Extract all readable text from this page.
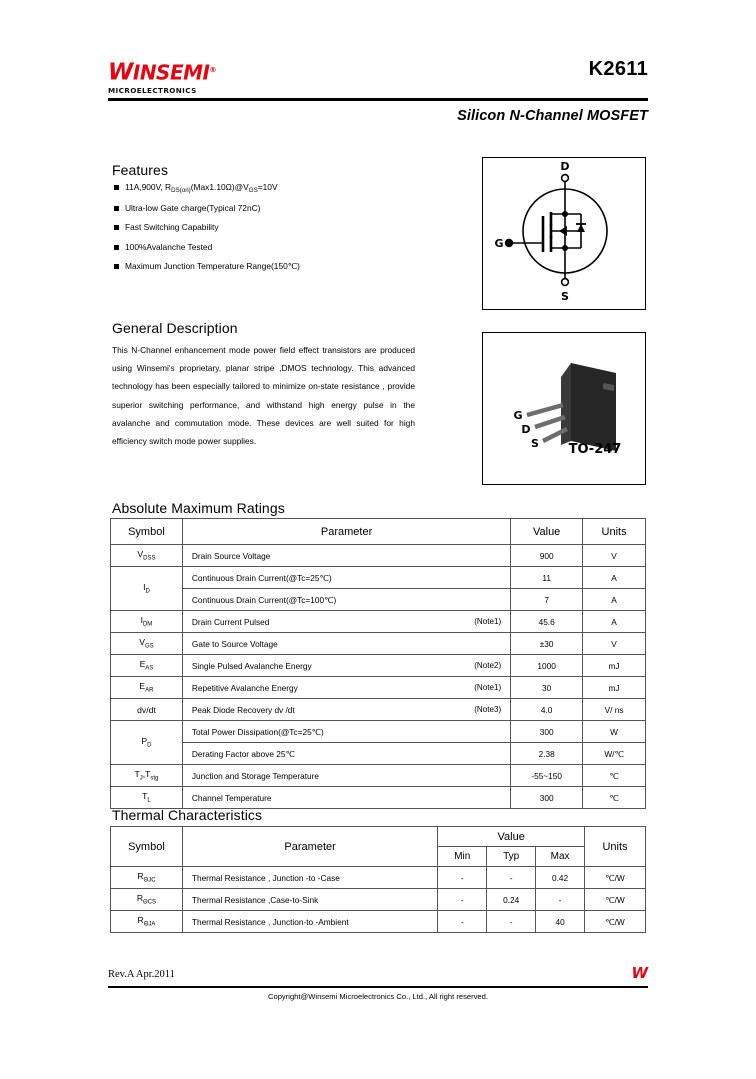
WINSEMI®
MICROELECTRONICS
K2611
Silicon N-Channel MOSFET
Features
11A,900V, $R_{DS(on)}(Max1.10\Omega)@V_{GS}=10V$
Ultra-low Gate charge(Typical 72nC)
Fast Switching Capability
100%Avalanche Tested
Maximum Junction Temperature Range(150℃)
General Description
This N-Channel enhancement mode power field effect transistors are produced using Winsemi's proprietary, planar stripe ,DMOS technology. This advanced technology has been especially tailored to minimize on-state resistance , provide superior switching performance, and withstand high energy pulse in the avalanche and commutation mode. These devices are well suited for high efficiency switch mode power supplies.
D
G
S
G
D
S TO-247
Absolute Maximum Ratings
Symbol	Parameter	Value	Units
$V_{DSS}$	Drain Source Voltage	900	V
$I_D$	Continuous Drain Current(@Tc=25℃)	11	A

	Continuous Drain Current(@Tc=100℃)	7	A
$I_{DM}$	Drain Current Pulsed (Note1)	45.6	A
$V_{GS}$	Gate to Source Voltage	±30	V
$E_{AS}$	Single Pulsed Avalanche Energy (Note2)	1000	mJ
$E_{AR}$	Repetitive Avalanche Energy (Note1)	30	mJ
dv/dt	Peak Diode Recovery dv /dt (Note3)	4.0	V/ ns
$P_D$	Total Power Dissipation(@Tc=25℃)	300	W

	Derating Factor above 25℃	2.38	W/℃
$T_J,T_{stg}$	Junction and Storage Temperature	-55~150	℃
$T_L$	Channel Temperature	300	℃
Thermal Characteristics
Symbol	Parameter	Value			Units
		Min	Typ	Max	
$R_{\Theta JC}$	Thermal Resistance , Junction -to -Case	-	-	0.42	℃/W
$R_{\Theta CS}$	Thermal Resistance ,Case-to-Sink	-	0.24	-	℃/W
$R_{\Theta JA}$	Thermal Resistance , Junction-to -Ambient	-	-	40	℃/W
Rev.A Apr.2011
Copyright@Winsemi Microelectronics Co., Ltd., All right reserved.
W
